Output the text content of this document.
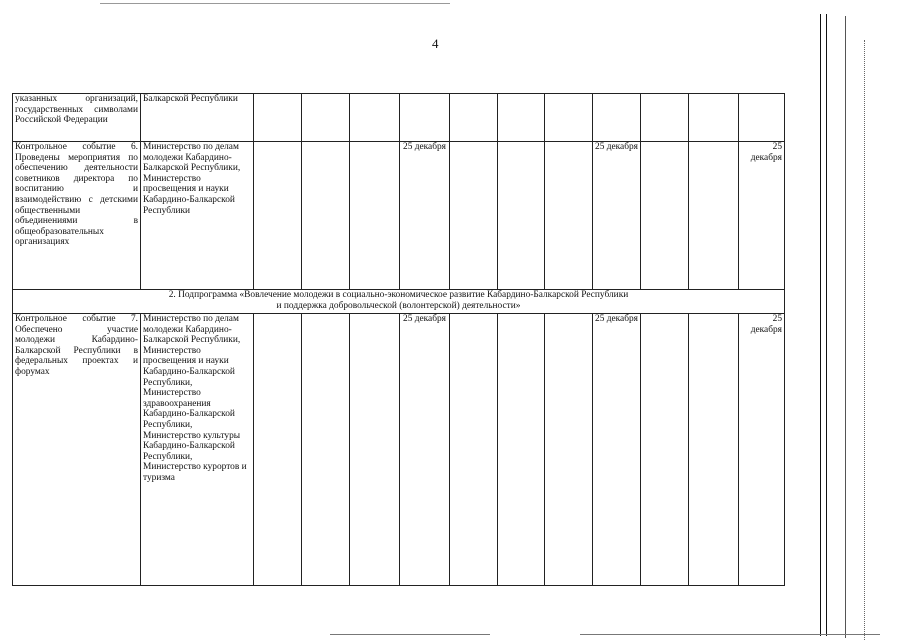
4
указанных организаций, государственных символами Российской Федерации	Балкарской Республики											
Контрольное событие 6. Проведены мероприятия по обеспечению деятельности советников директора по воспитанию и взаимодействию с детскими общественными объединениями в общеобразовательных организациях	Министерство по делам молодежи Кабардино-Балкарской Республики, Министерство просвещения и науки Кабардино-Балкарской Республики				25 декабря				25 декабря			25 декабря

2. Подпрограмма «Вовлечение молодежи в социально-экономическое развитие Кабардино-Балкарской Республики
и поддержка добровольческой (волонтерской) деятельности»												

Контрольное событие 7. Обеспечено участие молодежи Кабардино-Балкарской Республики в федеральных проектах и форумах	Министерство по делам молодежи Кабардино-Балкарской Республики, Министерство просвещения и науки Кабардино-Балкарской Республики, Министерство здравоохранения Кабардино-Балкарской Республики, Министерство культуры Кабардино-Балкарской Республики, Министерство курортов и туризма				25 декабря				25 декабря			25 декабря
